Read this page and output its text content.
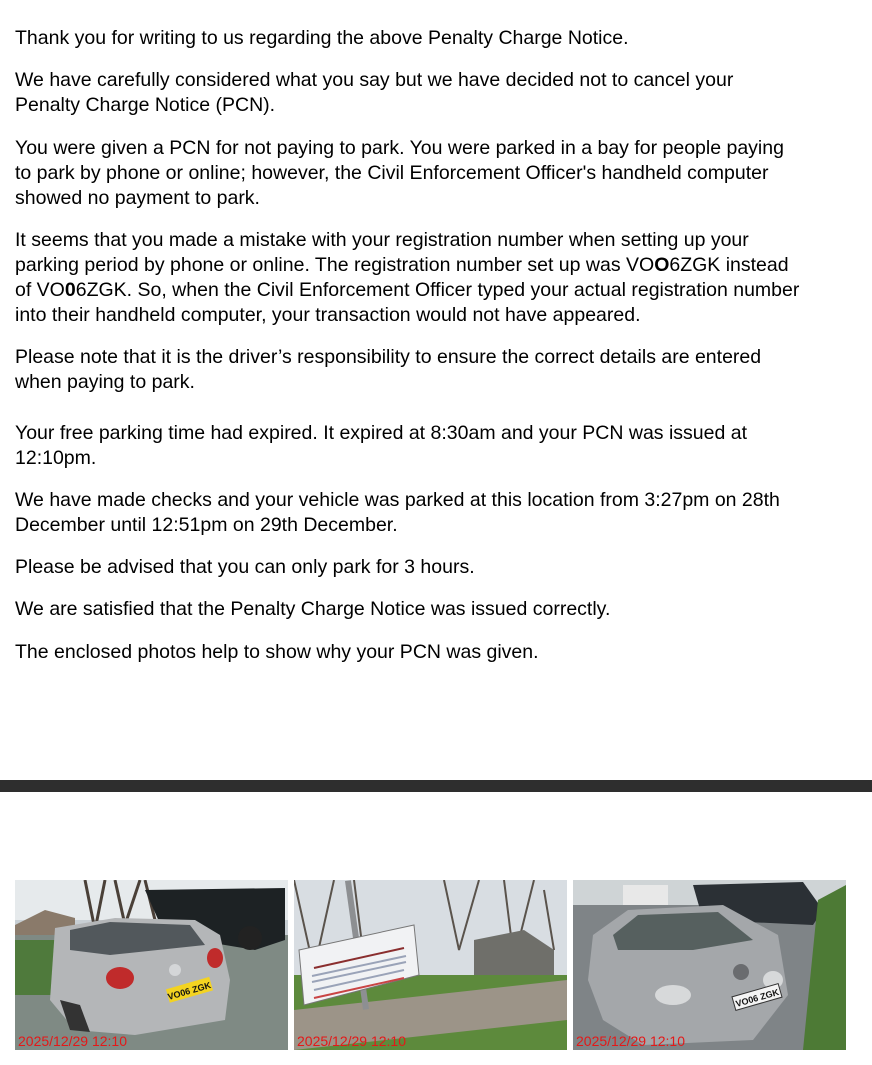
Thank you for writing to us regarding the above Penalty Charge Notice.

We have carefully considered what you say but we have decided not to cancel your
Penalty Charge Notice (PCN).

You were given a PCN for not paying to park. You were parked in a bay for people paying
to park by phone or online; however, the Civil Enforcement Officer's handheld computer
showed no payment to park.

It seems that you made a mistake with your registration number when setting up your
parking period by phone or online. The registration number set up was VOO6ZGK instead
of VO06ZGK. So, when the Civil Enforcement Officer typed your actual registration number
into their handheld computer, your transaction would not have appeared.

Please note that it is the driver’s responsibility to ensure the correct details are entered
when paying to park.

Your free parking time had expired. It expired at 8:30am and your PCN was issued at
12:10pm.

We have made checks and your vehicle was parked at this location from 3:27pm on 28th
December until 12:51pm on 29th December.

Please be advised that you can only park for 3 hours.

We are satisfied that the Penalty Charge Notice was issued correctly.

The enclosed photos help to show why your PCN was given.

VO06 ZGK
2025/12/29 12:10	2025/12/29 12:10
VO06 ZGK
2025/12/29 12:10
